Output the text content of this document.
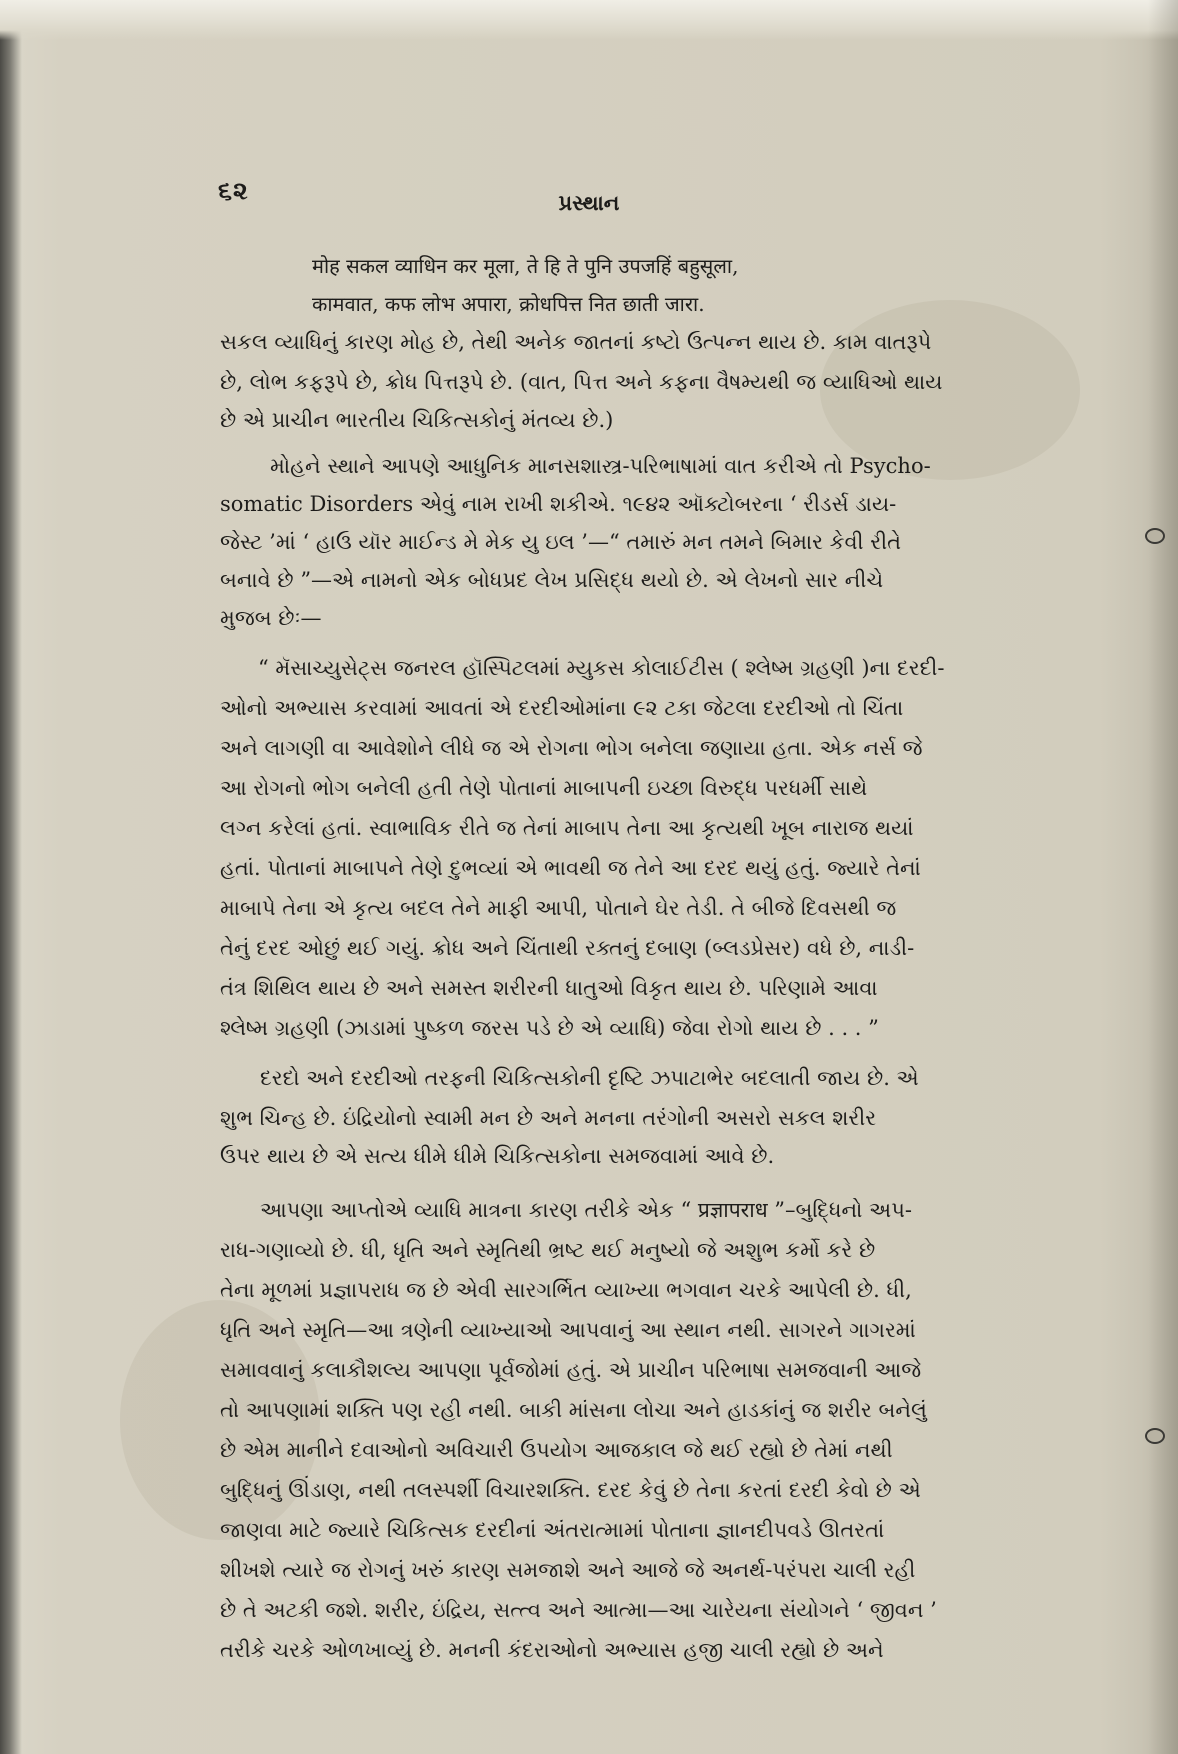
૬૨	પ્રસ્થાન
मोह सकल व्याधिन कर मूला, ते हि ते पुनि उपजहिं बहुसूला,
कामवात, कफ लोभ अपारा, क्रोधपित्त नित छाती जारा.
સકલ વ્યાધિનું કારણ મોહ છે, તેથી અનેક જાતનાં કષ્ટો ઉત્પન્ન થાય છે. કામ વાતરૂપે
છે, લોભ કફરૂપે છે, ક્રોધ પિત્તરૂપે છે. (વાત, પિત્ત અને કફના વૈષમ્યથી જ વ્યાધિઓ થાય
છે એ પ્રાચીન ભારતીય ચિકિત્સકોનું મંતવ્ય છે.)
મોહને સ્થાને આપણે આધુનિક માનસશાસ્ત્ર-પરિભાષામાં વાત કરીએ તો Psycho-
somatic Disorders એવું નામ રાખી શકીએ. ૧૯૪૨ ઑક્ટોબરના ‘ રીડર્સ ડાય-
જેસ્ટ ’માં ‘ હાઉ યૉર માઈન્ડ મે મેક યુ ઇલ ’—“ તમારું મન તમને બિમાર કેવી રીતે
બનાવે છે ”—એ નામનો એક બોધપ્રદ લેખ પ્રસિદ્ધ થયો છે. એ લેખનો સાર નીચે
મુજબ છેઃ—
“ મૅસાચ્યુસેટ્સ જનરલ હૉસ્પિટલમાં મ્યુકસ કોલાઈટીસ ( શ્લેષ્મ ગ્રહણી )ના દરદી-
ઓનો અભ્યાસ કરવામાં આવતાં એ દરદીઓમાંના ૯૨ ટકા જેટલા દરદીઓ તો ચિંતા
અને લાગણી વા આવેશોને લીધે જ એ રોગના ભોગ બનેલા જણાયા હતા. એક નર્સ જે
આ રોગનો ભોગ બનેલી હતી તેણે પોતાનાં માબાપની ઇચ્છા વિરુદ્ધ પરધર્મી સાથે
લગ્ન કરેલાં હતાં. સ્વાભાવિક રીતે જ તેનાં માબાપ તેના આ કૃત્યથી ખૂબ નારાજ થયાં
હતાં. પોતાનાં માબાપને તેણે દુભવ્યાં એ ભાવથી જ તેને આ દરદ થયું હતું. જ્યારે તેનાં
માબાપે તેના એ કૃત્ય બદલ તેને માફી આપી, પોતાને ઘેર તેડી. તે બીજે દિવસથી જ
તેનું દરદ ઓછું થઈ ગયું. ક્રોધ અને ચિંતાથી રક્તનું દબાણ (બ્લડપ્રેસર) વધે છે, નાડી-
તંત્ર શિથિલ થાય છે અને સમસ્ત શરીરની ધાતુઓ વિકૃત થાય છે. પરિણામે આવા
શ્લેષ્મ ગ્રહણી (ઝાડામાં પુષ્કળ જરસ પડે છે એ વ્યાધિ) જેવા રોગો થાય છે . . . ”
દરદો અને દરદીઓ તરફની ચિકિત્સકોની દૃષ્ટિ ઝપાટાભેર બદલાતી જાય છે. એ
શુભ ચિન્હ છે. ઇંદ્રિયોનો સ્વામી મન છે અને મનના તરંગોની અસરો સકલ શરીર
ઉપર થાય છે એ સત્ય ધીમે ધીમે ચિકિત્સકોના સમજવામાં આવે છે.
આપણા આપ્તોએ વ્યાધિ માત્રના કારણ તરીકે એક “ प्रज्ञापराध ”–બુદ્ધિનો અપ-
રાધ-ગણાવ્યો છે. ધી, ધૃતિ અને સ્મૃતિથી ભ્રષ્ટ થઈ મનુષ્યો જે અશુભ કર્મો કરે છે
તેના મૂળમાં પ્રજ્ઞાપરાધ જ છે એવી સારગર્ભિત વ્યાખ્યા ભગવાન ચરકે આપેલી છે. ધી,
ધૃતિ અને સ્મૃતિ—આ ત્રણેની વ્યાખ્યાઓ આપવાનું આ સ્થાન નથી. સાગરને ગાગરમાં
સમાવવાનું કલાકૌશલ્ય આપણા પૂર્વજોમાં હતું. એ પ્રાચીન પરિભાષા સમજવાની આજે
તો આપણામાં શક્તિ પણ રહી નથી. બાકી માંસના લોચા અને હાડકાંનું જ શરીર બનેલું
છે એમ માનીને દવાઓનો અવિચારી ઉપયોગ આજકાલ જે થઈ રહ્યો છે તેમાં નથી
બુદ્ધિનું ઊંડાણ, નથી તલસ્પર્શી વિચારશક્તિ. દરદ કેવું છે તેના કરતાં દરદી કેવો છે એ
જાણવા માટે જ્યારે ચિકિત્સક દરદીનાં અંતરાત્મામાં પોતાના જ્ઞાનદીપવડે ઊતરતાં
શીખશે ત્યારે જ રોગનું ખરું કારણ સમજાશે અને આજે જે અનર્થ-પરંપરા ચાલી રહી
છે તે અટકી જશે. શરીર, ઇંદ્રિય, સત્ત્વ અને આત્મા—આ ચારેયના સંયોગને ‘ જીવન ’
તરીકે ચરકે ઓળખાવ્યું છે. મનની કંદરાઓનો અભ્યાસ હજી ચાલી રહ્યો છે અને
